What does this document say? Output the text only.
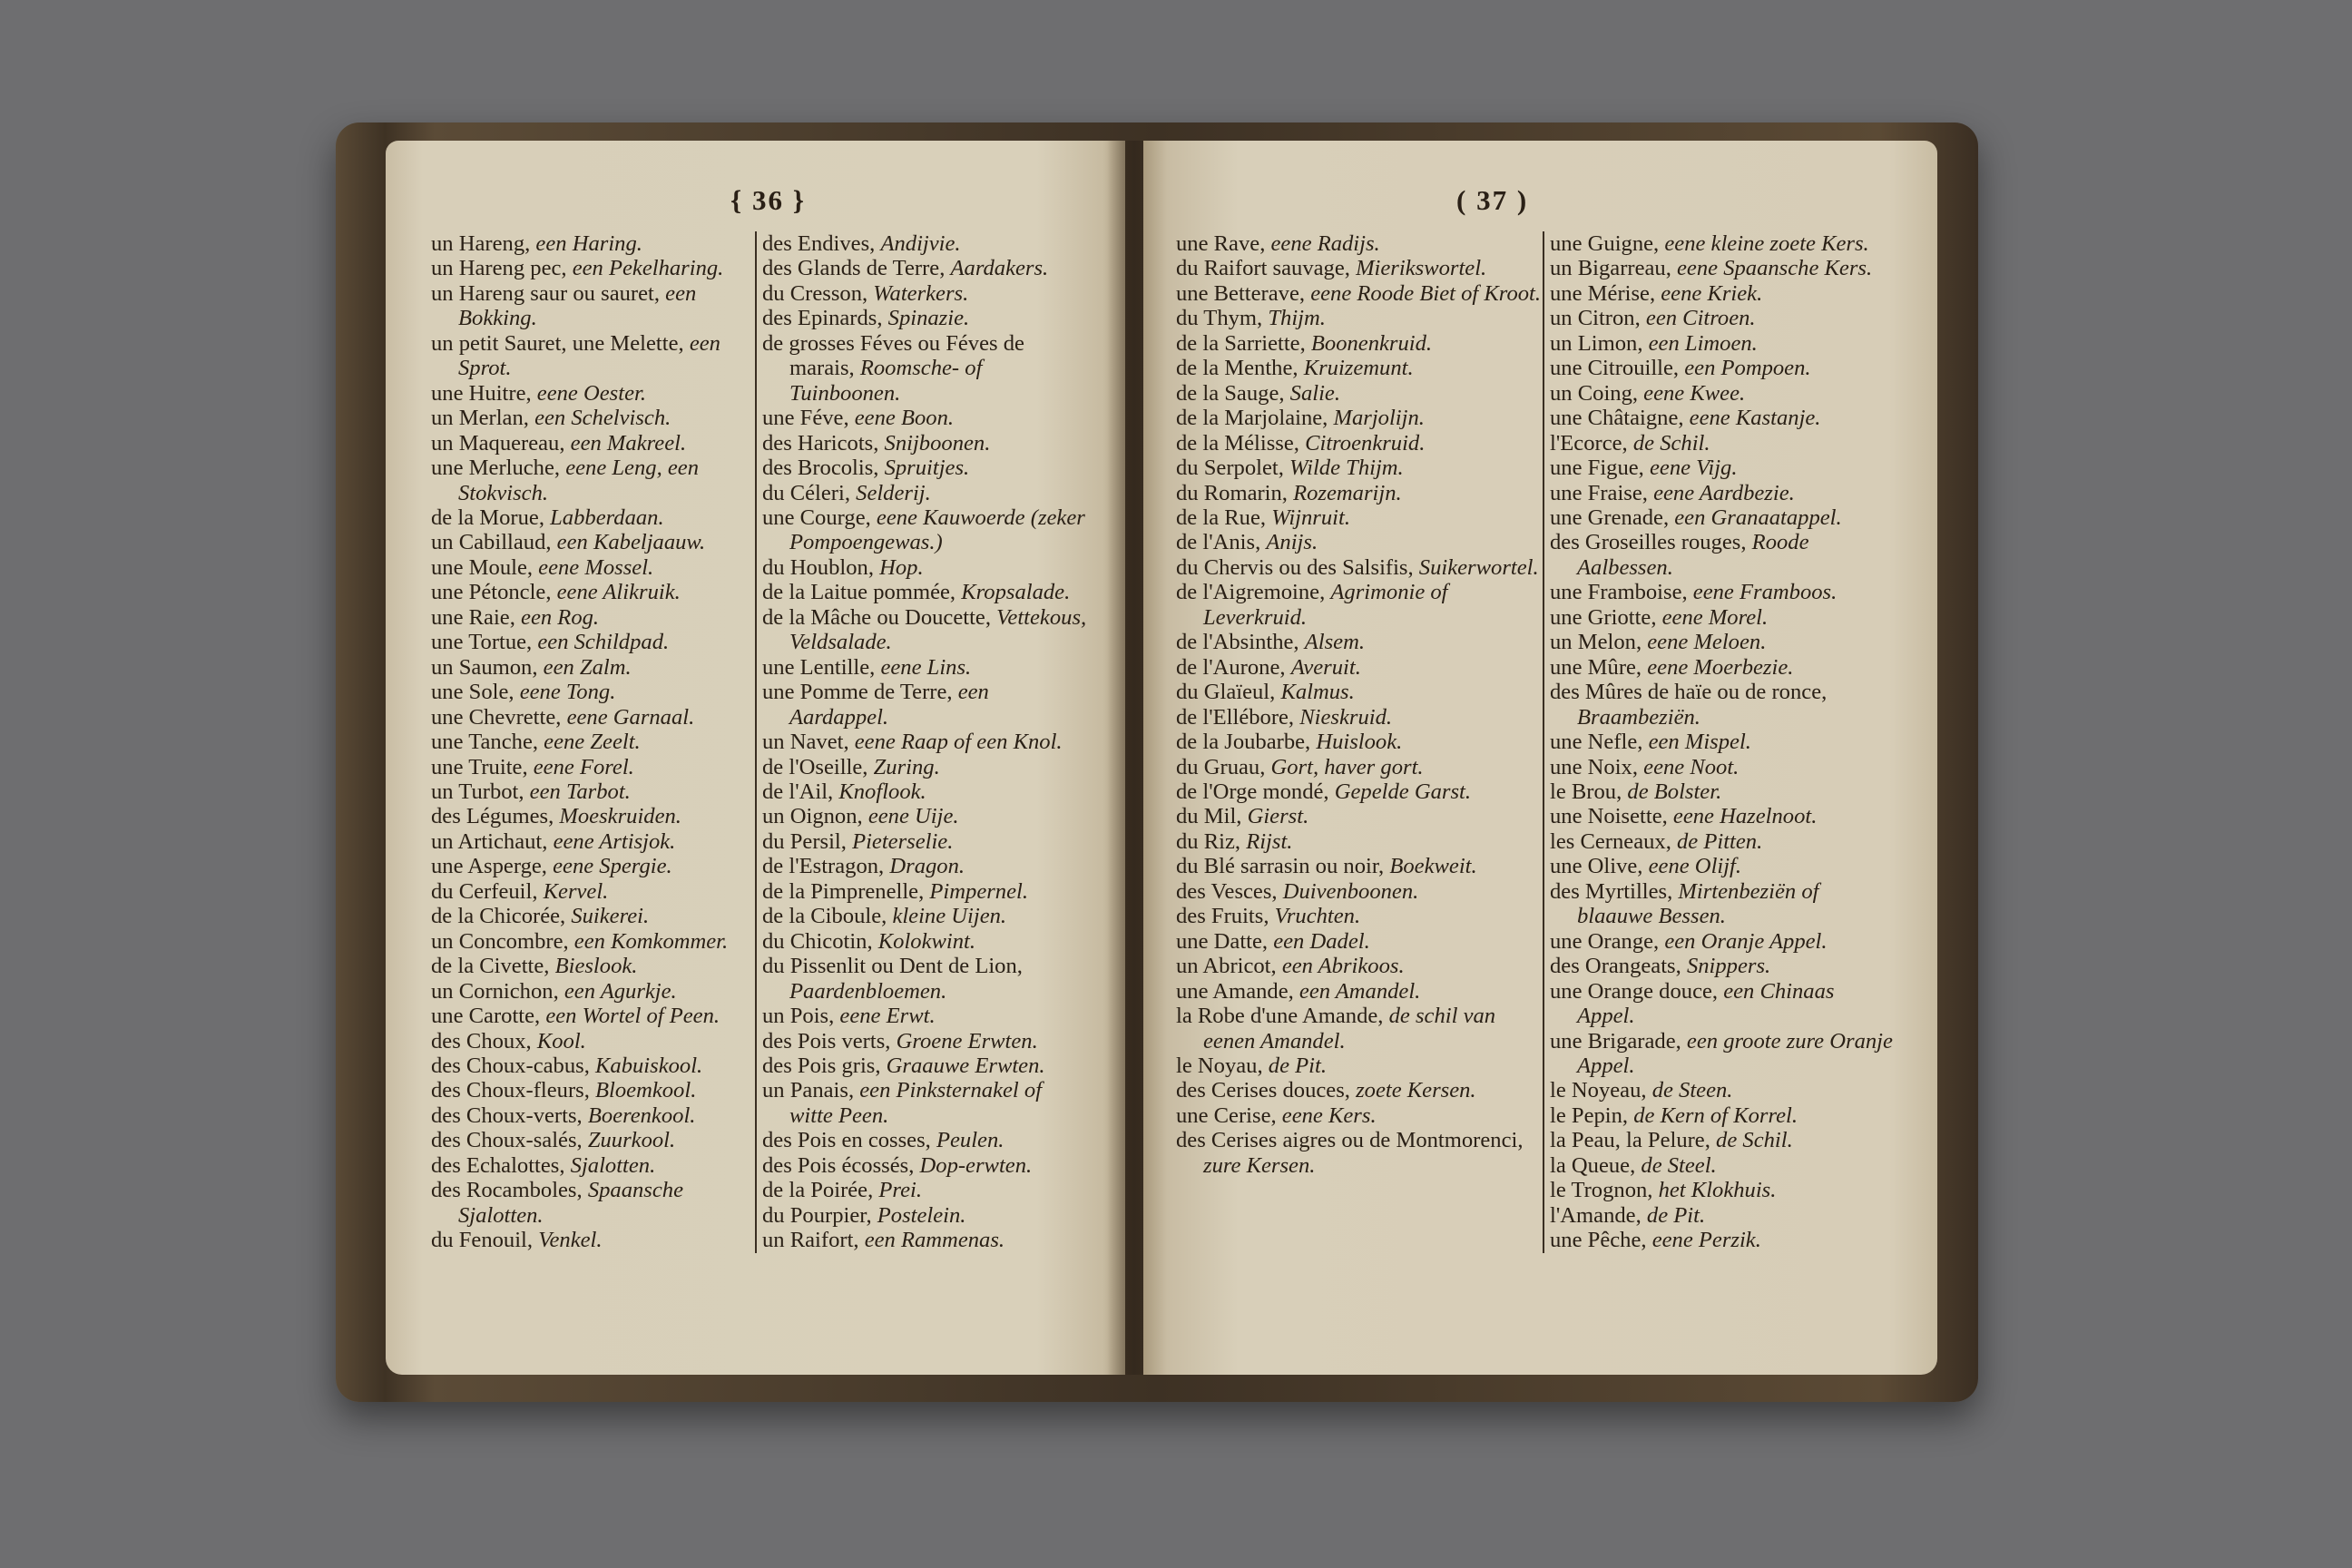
{ 36 }
un Hareng, een Haring.
un Hareng pec, een Pekelharing.
un Hareng saur ou sauret, een Bokking.
un petit Sauret, une Melette, een Sprot.
une Huitre, eene Oester.
un Merlan, een Schelvisch.
un Maquereau, een Makreel.
une Merluche, eene Leng, een Stokvisch.
de la Morue, Labberdaan.
un Cabillaud, een Kabeljaauw.
une Moule, eene Mossel.
une Pétoncle, eene Alikruik.
une Raie, een Rog.
une Tortue, een Schildpad.
un Saumon, een Zalm.
une Sole, eene Tong.
une Chevrette, eene Garnaal.
une Tanche, eene Zeelt.
une Truite, eene Forel.
un Turbot, een Tarbot.
des Légumes, Moeskruiden.
un Artichaut, eene Artisjok.
une Asperge, eene Spergie.
du Cerfeuil, Kervel.
de la Chicorée, Suikerei.
un Concombre, een Komkommer.
de la Civette, Bieslook.
un Cornichon, een Agurkje.
une Carotte, een Wortel of Peen.
des Choux, Kool.
des Choux-cabus, Kabuiskool.
des Choux-fleurs, Bloemkool.
des Choux-verts, Boerenkool.
des Choux-salés, Zuurkool.
des Echalottes, Sjalotten.
des Rocamboles, Spaansche Sjalotten.
du Fenouil, Venkel.
des Endives, Andijvie.
des Glands de Terre, Aardakers.
du Cresson, Waterkers.
des Epinards, Spinazie.
de grosses Féves ou Féves de marais, Roomsche- of Tuinboonen.
une Féve, eene Boon.
des Haricots, Snijboonen.
des Brocolis, Spruitjes.
du Céleri, Selderij.
une Courge, eene Kauwoerde (zeker Pompoengewas.)
du Houblon, Hop.
de la Laitue pommée, Kropsalade.
de la Mâche ou Doucette, Vettekous, Veldsalade.
une Lentille, eene Lins.
une Pomme de Terre, een Aardappel.
un Navet, eene Raap of een Knol.
de l'Oseille, Zuring.
de l'Ail, Knoflook.
un Oignon, eene Uije.
du Persil, Pieterselie.
de l'Estragon, Dragon.
de la Pimprenelle, Pimpernel.
de la Ciboule, kleine Uijen.
du Chicotin, Kolokwint.
du Pissenlit ou Dent de Lion, Paardenbloemen.
un Pois, eene Erwt.
des Pois verts, Groene Erwten.
des Pois gris, Graauwe Erwten.
un Panais, een Pinksternakel of witte Peen.
des Pois en cosses, Peulen.
des Pois écossés, Dop-erwten.
de la Poirée, Prei.
du Pourpier, Postelein.
un Raifort, een Rammenas.
( 37 )
une Rave, eene Radijs.
du Raifort sauvage, Mierikswortel.
une Betterave, eene Roode Biet of Kroot.
du Thym, Thijm.
de la Sarriette, Boonenkruid.
de la Menthe, Kruizemunt.
de la Sauge, Salie.
de la Marjolaine, Marjolijn.
de la Mélisse, Citroenkruid.
du Serpolet, Wilde Thijm.
du Romarin, Rozemarijn.
de la Rue, Wijnruit.
de l'Anis, Anijs.
du Chervis ou des Salsifis, Suikerwortel.
de l'Aigremoine, Agrimonie of Leverkruid.
de l'Absinthe, Alsem.
de l'Aurone, Averuit.
du Glaïeul, Kalmus.
de l'Ellébore, Nieskruid.
de la Joubarbe, Huislook.
du Gruau, Gort, haver gort.
de l'Orge mondé, Gepelde Garst.
du Mil, Gierst.
du Riz, Rijst.
du Blé sarrasin ou noir, Boekweit.
des Vesces, Duivenboonen.
des Fruits, Vruchten.
une Datte, een Dadel.
un Abricot, een Abrikoos.
une Amande, een Amandel.
la Robe d'une Amande, de schil van eenen Amandel.
le Noyau, de Pit.
des Cerises douces, zoete Kersen.
une Cerise, eene Kers.
des Cerises aigres ou de Montmorenci, zure Kersen.
une Guigne, eene kleine zoete Kers.
un Bigarreau, eene Spaansche Kers.
une Mérise, eene Kriek.
un Citron, een Citroen.
un Limon, een Limoen.
une Citrouille, een Pompoen.
un Coing, eene Kwee.
une Châtaigne, eene Kastanje.
l'Ecorce, de Schil.
une Figue, eene Vijg.
une Fraise, eene Aardbezie.
une Grenade, een Granaatappel.
des Groseilles rouges, Roode Aalbessen.
une Framboise, eene Framboos.
une Griotte, eene Morel.
un Melon, eene Meloen.
une Mûre, eene Moerbezie.
des Mûres de haïe ou de ronce, Braambeziën.
une Nefle, een Mispel.
une Noix, eene Noot.
le Brou, de Bolster.
une Noisette, eene Hazelnoot.
les Cerneaux, de Pitten.
une Olive, eene Olijf.
des Myrtilles, Mirtenbeziën of blaauwe Bessen.
une Orange, een Oranje Appel.
des Orangeats, Snippers.
une Orange douce, een Chinaas Appel.
une Brigarade, een groote zure Oranje Appel.
le Noyeau, de Steen.
le Pepin, de Kern of Korrel.
la Peau, la Pelure, de Schil.
la Queue, de Steel.
le Trognon, het Klokhuis.
l'Amande, de Pit.
une Pêche, eene Perzik.
